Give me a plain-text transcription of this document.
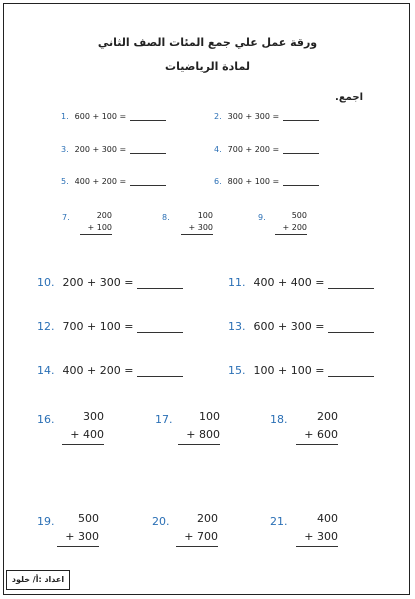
ورقة عمل علي جمع المئات الصف الثاني
لمادة الرياضيات
اجمع.
1. 600 + 100 =	2. 300 + 300 =
3. 200 + 300 =	4. 700 + 200 =
5. 400 + 200 =	6. 800 + 100 =
7.	200
+ 100
8.	100
+ 300
9.	500
+ 200
10. 200 + 300 =	11. 400 + 400 =
12. 700 + 100 =	13. 600 + 300 =
14. 400 + 200 =	15. 100 + 100 =
16.	300
+ 400
17.	100
+ 800
18.	200
+ 600
19.	500
+ 300
20.	200
+ 700
21.	400
+ 300
اعداد :أ/ خلود
